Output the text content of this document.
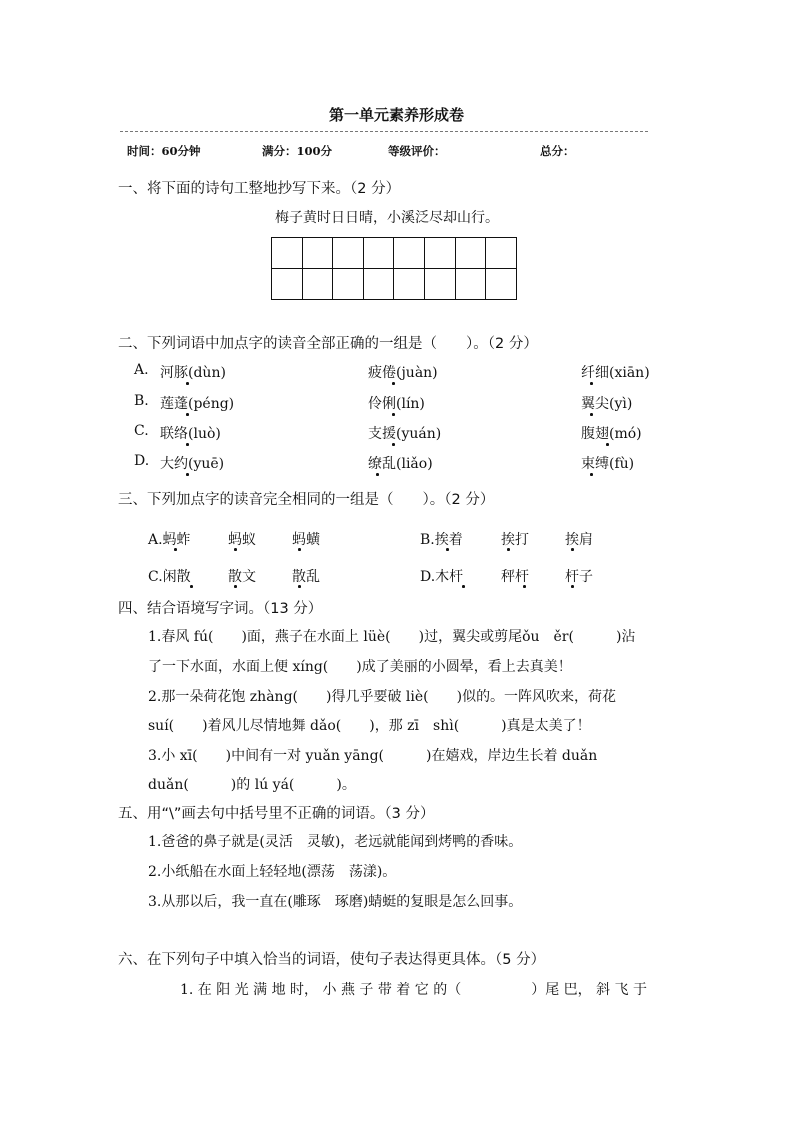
第一单元素养形成卷
时间：60分钟	满分：100分	等级评价：	总分：
一、将下面的诗句工整地抄写下来。（2 分）
梅子黄时日日晴，小溪泛尽却山行。

二、下列词语中加点字的读音全部正确的一组是（　　）。（2 分）
A. 河豚(dùn)	疲倦(juàn)	纤细(xiān)
B. 莲蓬(péng)	伶俐(lín)	翼尖(yì)
C. 联络(luò)	支援(yuán)	腹翅(mó)
D. 大约(yuē)	缭乱(liǎo)	束缚(fù)
三、下列加点字的读音完全相同的一组是（　　）。（2 分）
A.蚂蚱	蚂蚁	蚂蟥	B.挨着	挨打	挨肩
C.闲散	散文	散乱	D.木杆	秤杆	杆子
四、结合语境写字词。（13 分）
1.春风 fú(　　)面，燕子在水面上 lüè(　　)过，翼尖或剪尾ǒu　ěr(　　　)沾
了一下水面，水面上便 xíng(　　)成了美丽的小圆晕，看上去真美！
2.那一朵荷花饱 zhàng(　　)得几乎要破 liè(　　)似的。一阵风吹来，荷花
suí(　　)着风儿尽情地舞 dǎo(　　)，那 zī　shì(　　　)真是太美了！
3.小 xī(　　)中间有一对 yuǎn yāng(　　　)在嬉戏，岸边生长着 duǎn
duǎn(　　　)的 lú yá(　　　)。
五、用“\”画去句中括号里不正确的词语。（3 分）
1.爸爸的鼻子就是(灵活　灵敏)，老远就能闻到烤鸭的香味。
2.小纸船在水面上轻轻地(漂荡　荡漾)。
3.从那以后，我一直在(雕琢　琢磨)蜻蜓的复眼是怎么回事。
六、在下列句子中填入恰当的词语，使句子表达得更具体。（5 分）
1. 在 阳 光 满 地 时， 小 燕 子 带 着 它 的（　　　　　）尾 巴， 斜 飞 于
